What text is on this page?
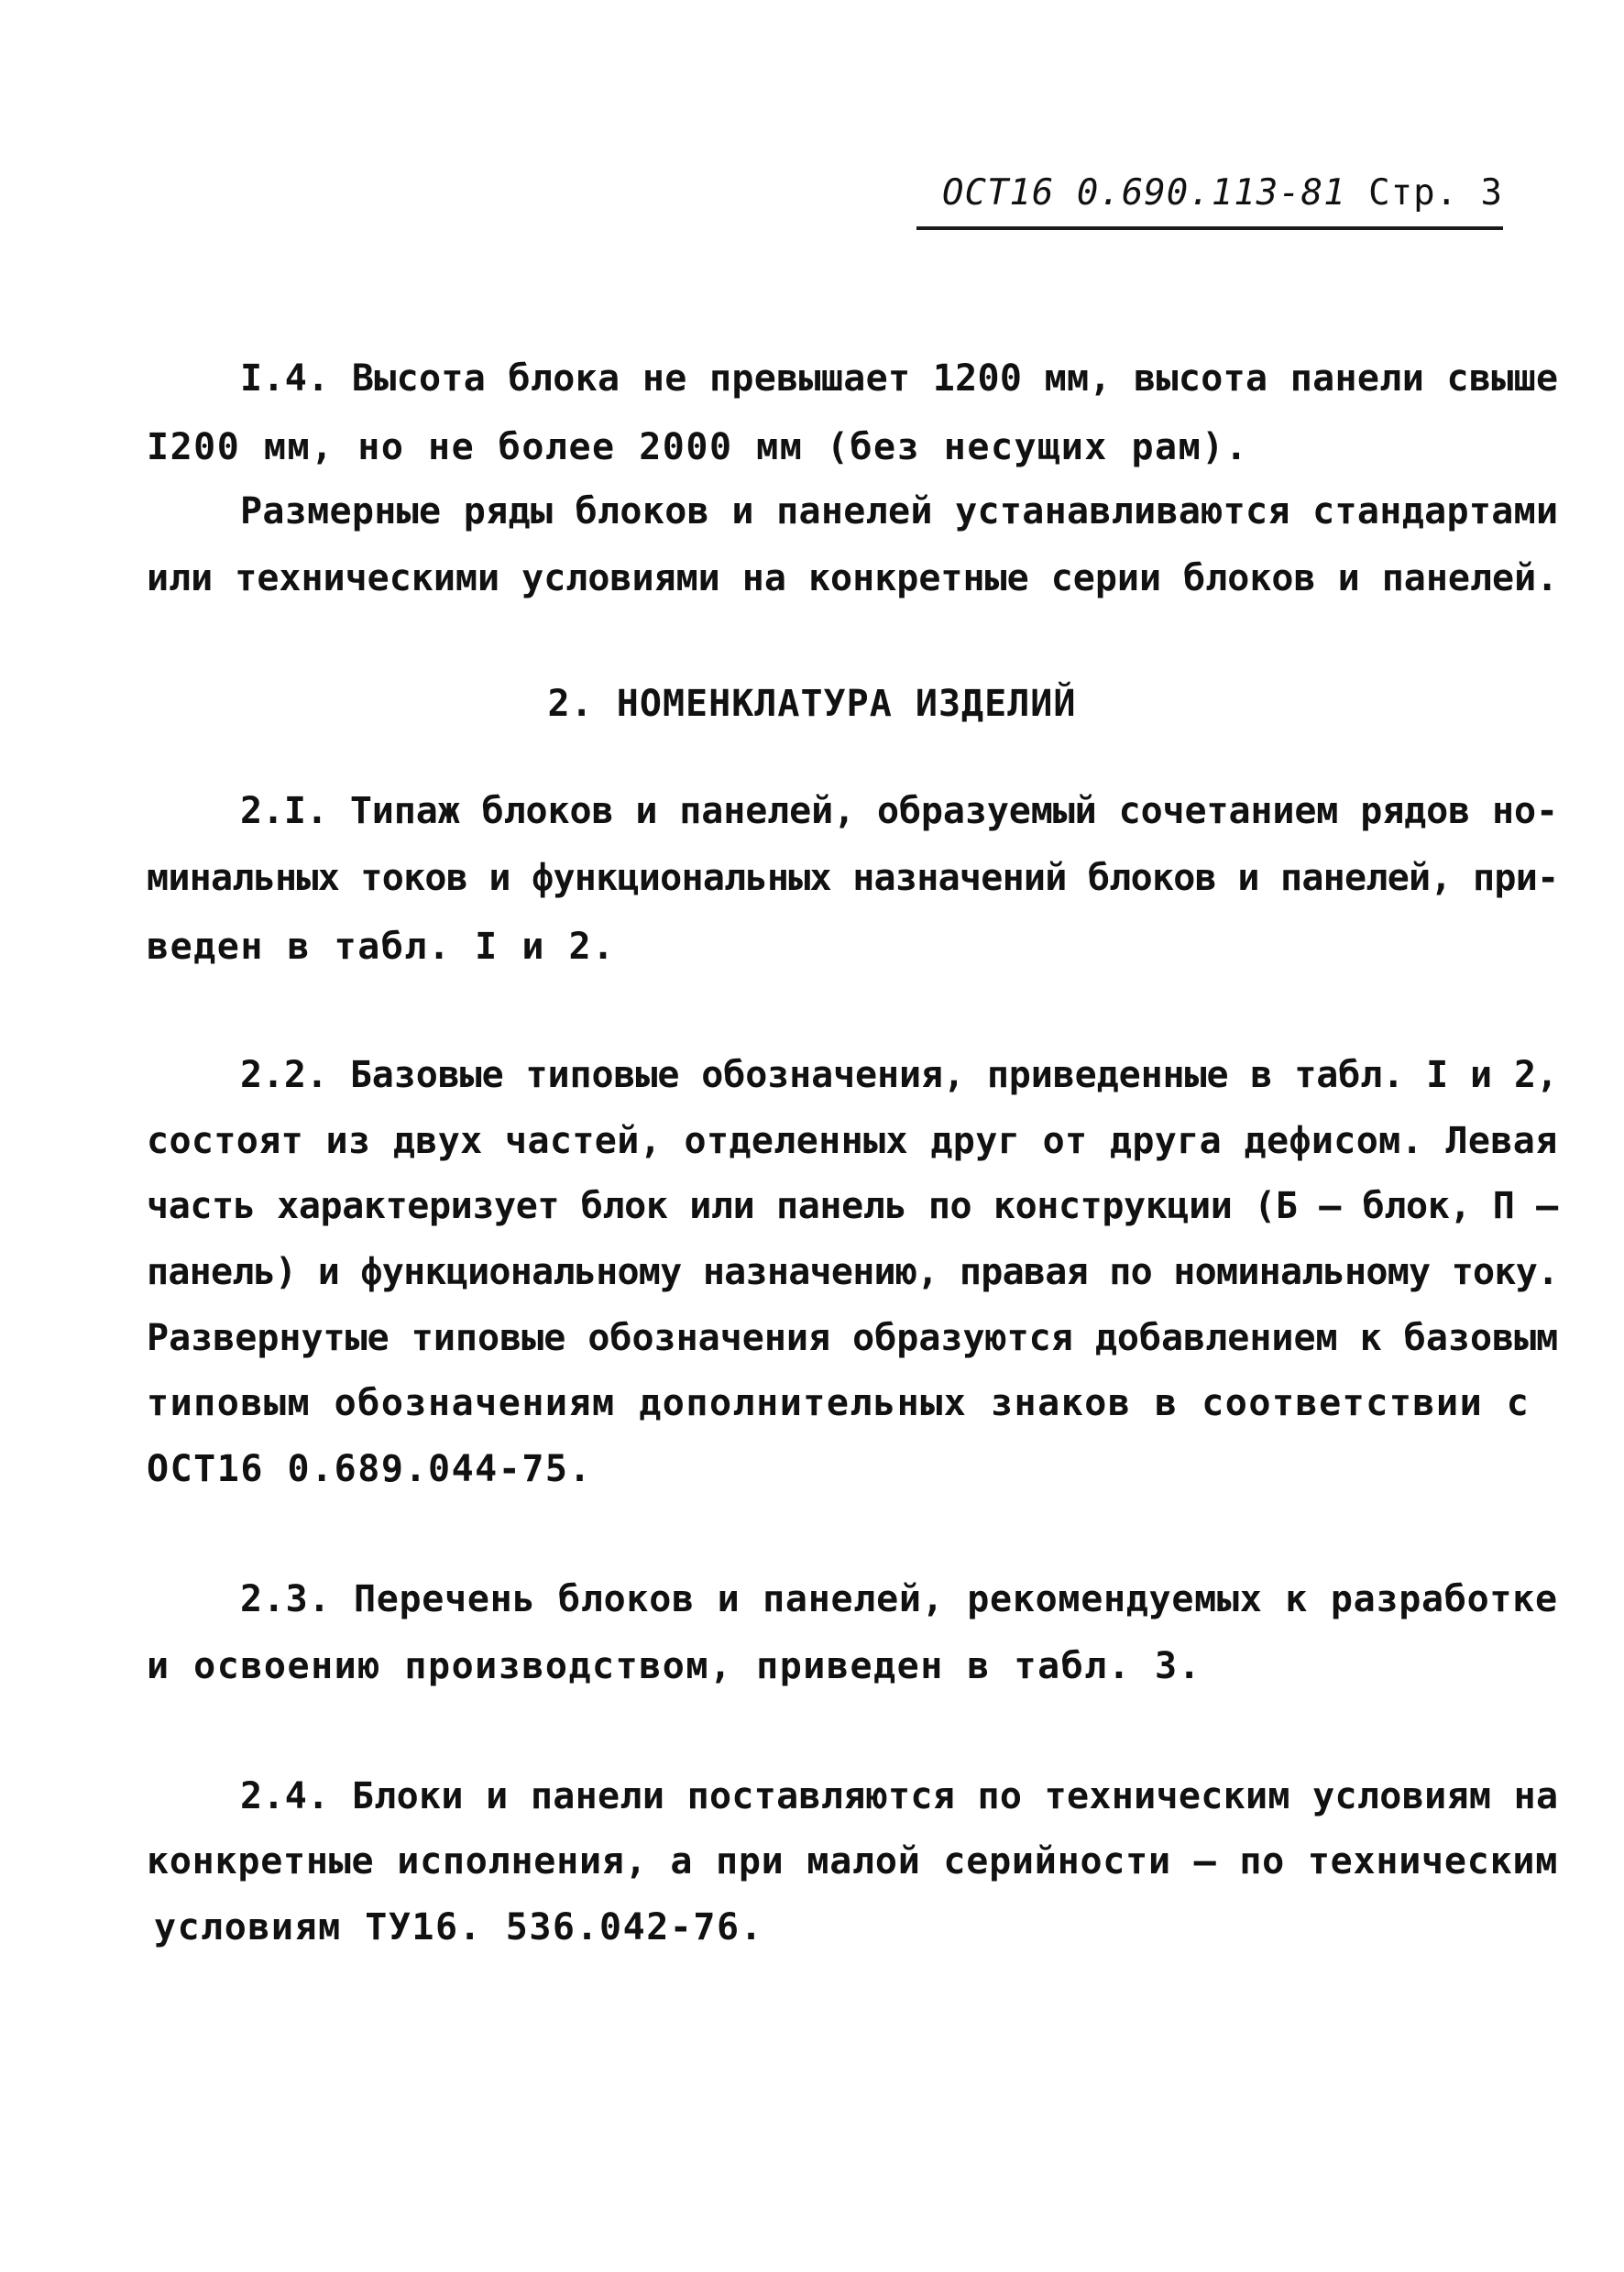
ОСТ16 0.690.113-81 Стр. 3
I.4. Высота блока не превышает 1200 мм, высота панели свыше
I200 мм, но не более 2000 мм (без несущих рам).
Размерные ряды блоков и панелей устанавливаются стандартами
или техническими условиями на конкретные серии блоков и панелей.
2. НОМЕНКЛАТУРА ИЗДЕЛИЙ
2.I. Типаж блоков и панелей, образуемый сочетанием рядов но-
минальных токов и функциональных назначений блоков и панелей, при-
веден в табл. I и 2.
2.2. Базовые типовые обозначения, приведенные в табл. I и 2,
состоят из двух частей, отделенных друг от друга дефисом. Левая
часть характеризует блок или панель по конструкции (Б – блок, П –
панель) и функциональному назначению, правая по номинальному току.
Развернутые типовые обозначения образуются добавлением к базовым
типовым обозначениям дополнительных знаков в соответствии с
ОСТ16 0.689.044-75.
2.3. Перечень блоков и панелей, рекомендуемых к разработке
и освоению производством, приведен в табл. 3.
2.4. Блоки и панели поставляются по техническим условиям на
конкретные исполнения, а при малой серийности – по техническим
условиям ТУ16. 536.042-76.
